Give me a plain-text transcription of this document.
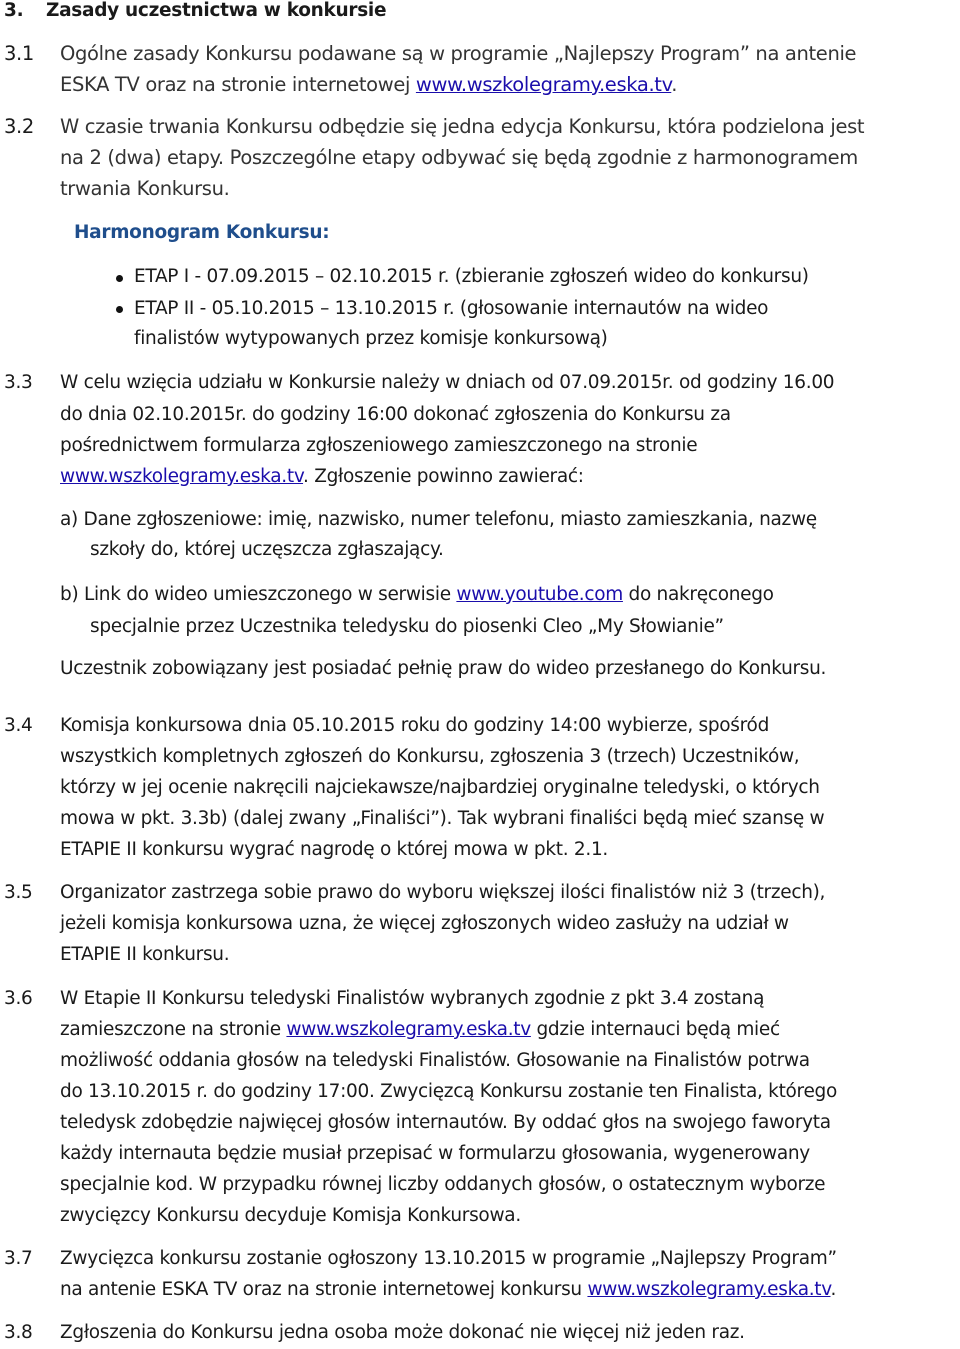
3. Zasady uczestnictwa w konkursie
3.1 Ogólne zasady Konkursu podawane są w programie „Najlepszy Program” na antenie
ESKA TV oraz na stronie internetowej www.wszkolegramy.eska.tv.
3.2 W czasie trwania Konkursu odbędzie się jedna edycja Konkursu, która podzielona jest
na 2 (dwa) etapy. Poszczególne etapy odbywać się będą zgodnie z harmonogramem
trwania Konkursu.
Harmonogram Konkursu:
ETAP I - 07.09.2015 – 02.10.2015 r. (zbieranie zgłoszeń wideo do konkursu)
ETAP II - 05.10.2015 – 13.10.2015 r. (głosowanie internautów na wideo
finalistów wytypowanych przez komisje konkursową)
3.3 W celu wzięcia udziału w Konkursie należy w dniach od 07.09.2015r. od godziny 16.00
do dnia 02.10.2015r. do godziny 16:00 dokonać zgłoszenia do Konkursu za
pośrednictwem formularza zgłoszeniowego zamieszczonego na stronie
www.wszkolegramy.eska.tv. Zgłoszenie powinno zawierać:
a) Dane zgłoszeniowe: imię, nazwisko, numer telefonu, miasto zamieszkania, nazwę
szkoły do, której uczęszcza zgłaszający.
b) Link do wideo umieszczonego w serwisie www.youtube.com do nakręconego
specjalnie przez Uczestnika teledysku do piosenki Cleo „My Słowianie”
Uczestnik zobowiązany jest posiadać pełnię praw do wideo przesłanego do Konkursu.
3.4 Komisja konkursowa dnia 05.10.2015 roku do godziny 14:00 wybierze, spośród
wszystkich kompletnych zgłoszeń do Konkursu, zgłoszenia 3 (trzech) Uczestników,
którzy w jej ocenie nakręcili najciekawsze/najbardziej oryginalne teledyski, o których
mowa w pkt. 3.3b) (dalej zwany „Finaliści”). Tak wybrani finaliści będą mieć szansę w
ETAPIE II konkursu wygrać nagrodę o której mowa w pkt. 2.1.
3.5 Organizator zastrzega sobie prawo do wyboru większej ilości finalistów niż 3 (trzech),
jeżeli komisja konkursowa uzna, że więcej zgłoszonych wideo zasłuży na udział w
ETAPIE II konkursu.
3.6 W Etapie II Konkursu teledyski Finalistów wybranych zgodnie z pkt 3.4 zostaną
zamieszczone na stronie www.wszkolegramy.eska.tv gdzie internauci będą mieć
możliwość oddania głosów na teledyski Finalistów. Głosowanie na Finalistów potrwa
do 13.10.2015 r. do godziny 17:00. Zwycięzcą Konkursu zostanie ten Finalista, którego
teledysk zdobędzie najwięcej głosów internautów. By oddać głos na swojego faworyta
każdy internauta będzie musiał przepisać w formularzu głosowania, wygenerowany
specjalnie kod. W przypadku równej liczby oddanych głosów, o ostatecznym wyborze
zwycięzcy Konkursu decyduje Komisja Konkursowa.
3.7 Zwycięzca konkursu zostanie ogłoszony 13.10.2015 w programie „Najlepszy Program”
na antenie ESKA TV oraz na stronie internetowej konkursu www.wszkolegramy.eska.tv.
3.8 Zgłoszenia do Konkursu jedna osoba może dokonać nie więcej niż jeden raz.
